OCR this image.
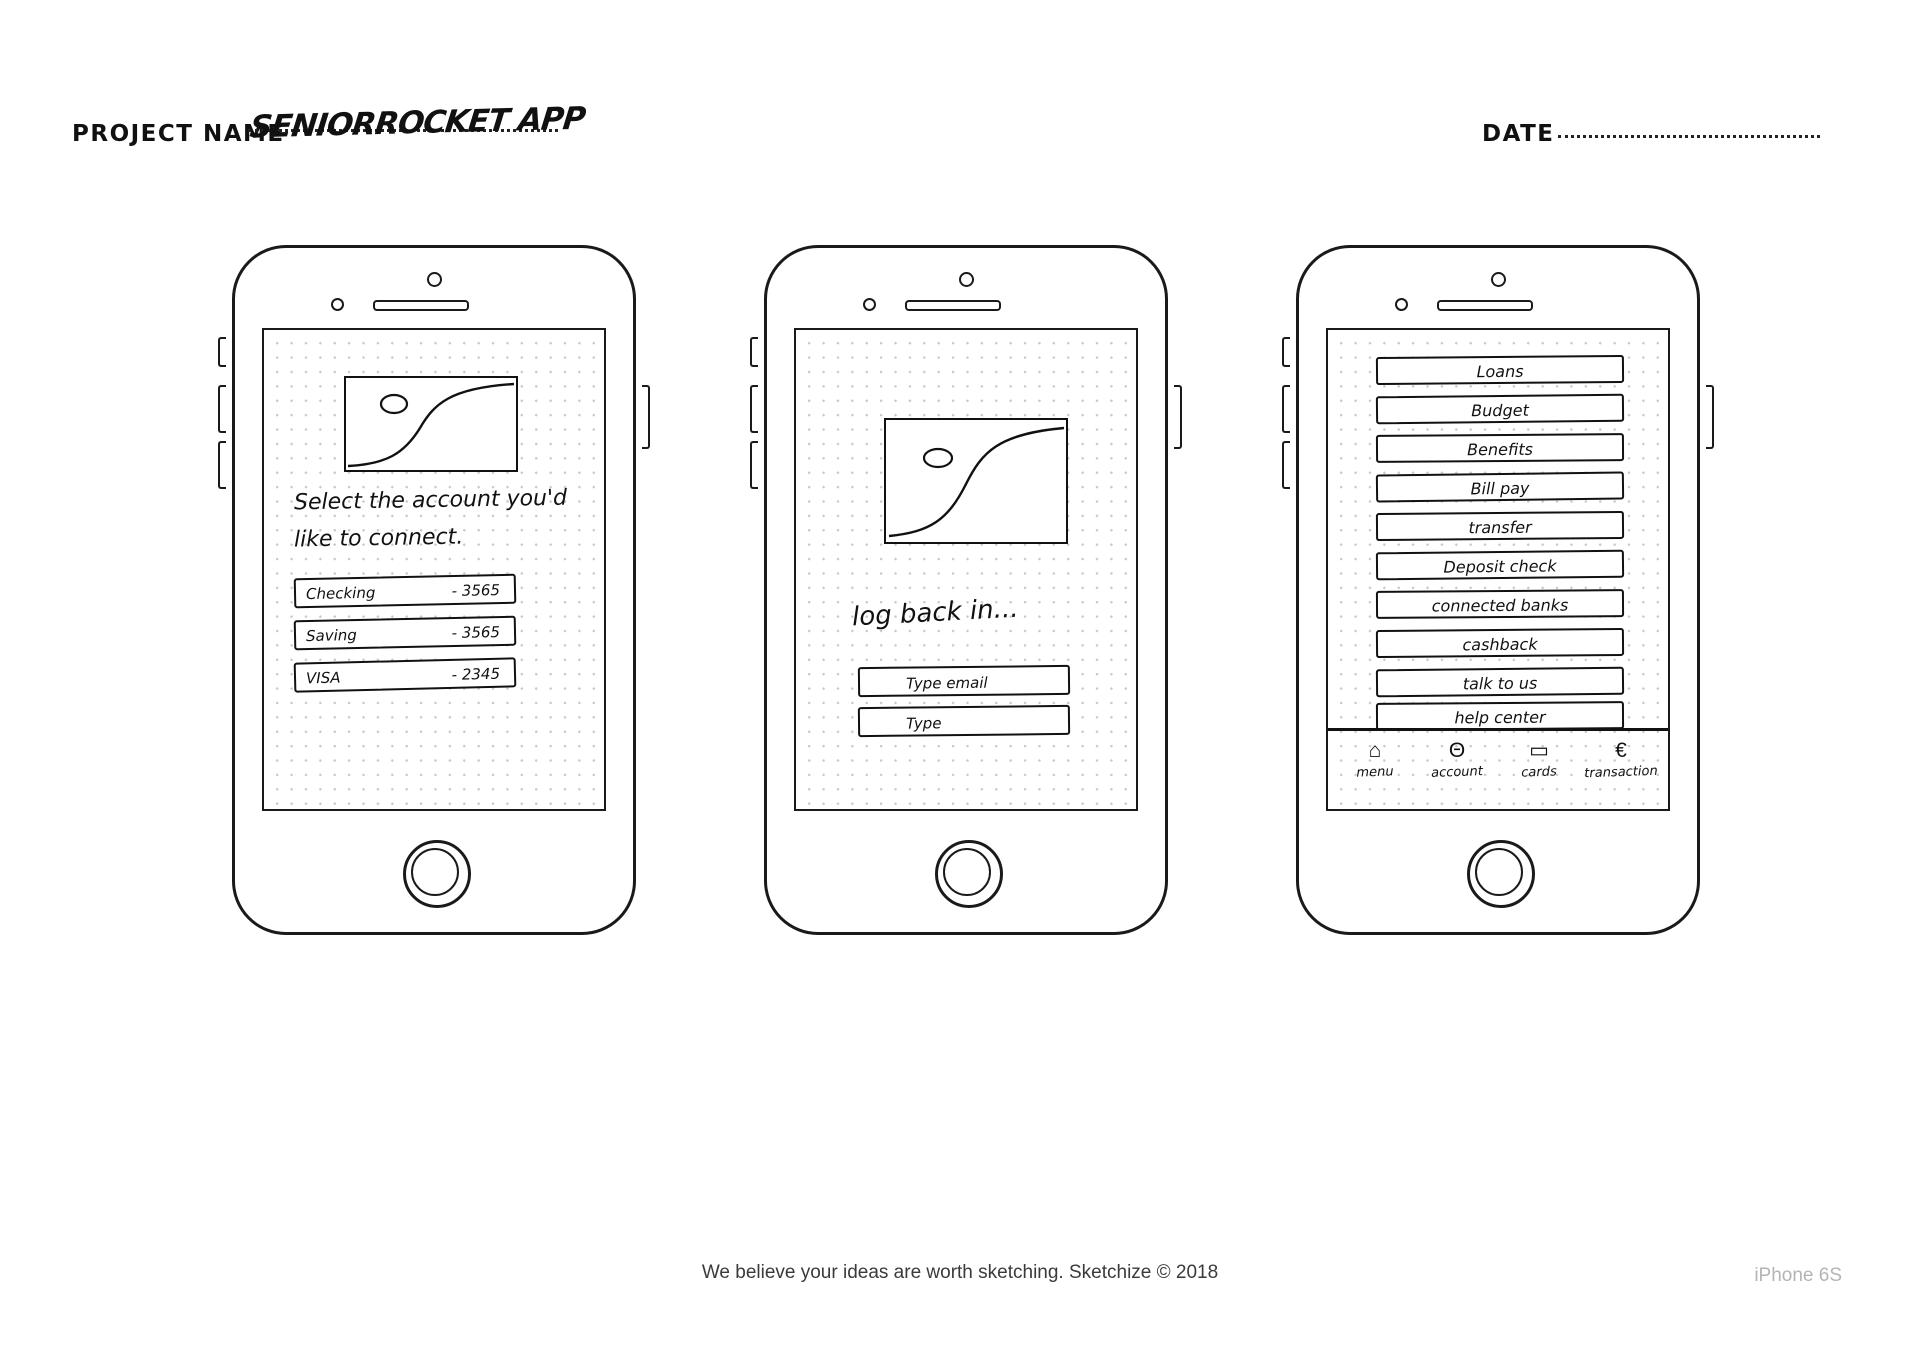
PROJECT NAME
SENIORROCKET APP	DATE
Select the account you'd
like to connect.
Checking	- 3565
Saving	- 3565
VISA	- 2345
log back in...
Type email
Type
Loans
Budget
Benefits
Bill pay
transfer
Deposit check
connected banks
cashback
talk to us
help center
⌂
menu
Θ
account
▭
cards
€
transaction
We believe your ideas are worth sketching. Sketchize © 2018	iPhone 6S
